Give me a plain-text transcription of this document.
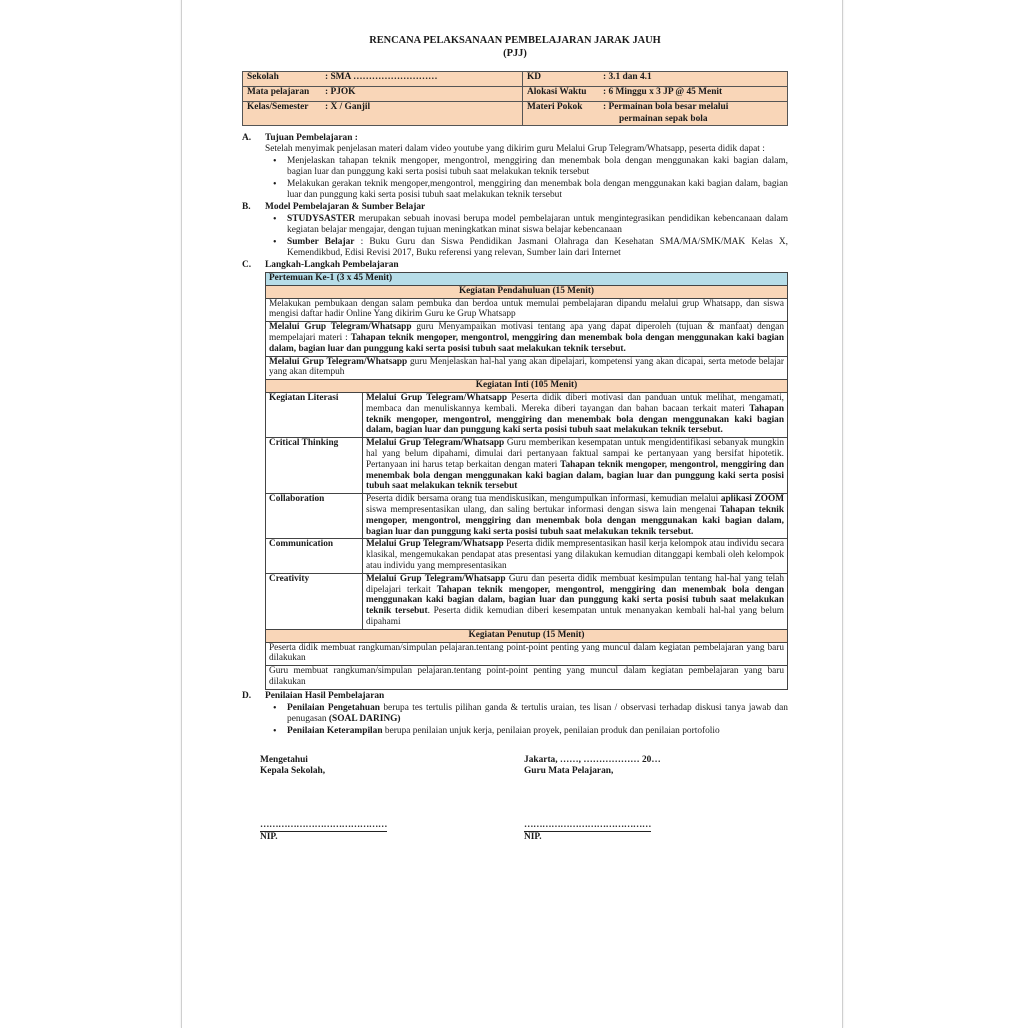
RENCANA PELAKSANAAN PEMBELAJARAN JARAK JAUH

(PJJ)

Sekolah : SMA ………………………	KD : 3.1 dan 4.1
Mata pelajaran : PJOK	Alokasi Waktu : 6 Minggu x 3 JP @ 45 Menit
Kelas/Semester : X / Ganjil	Materi Pokok : Permainan bola besar melalui
permainan sepak bola
A.	Tujuan Pembelajaran :
Setelah menyimak penjelasan materi dalam video youtube yang dikirim guru Melalui Grup Telegram/Whatsapp, peserta didik dapat :
• Menjelaskan tahapan teknik mengoper, mengontrol, menggiring dan menembak bola dengan menggunakan kaki bagian dalam, bagian luar dan punggung kaki serta posisi tubuh saat melakukan teknik tersebut
• Melakukan gerakan teknik mengoper,mengontrol, menggiring dan menembak bola dengan menggunakan kaki bagian dalam, bagian luar dan punggung kaki serta posisi tubuh saat melakukan teknik tersebut
B.	Model Pembelajaran & Sumber Belajar
• STUDYSASTER merupakan sebuah inovasi berupa model pembelajaran untuk mengintegrasikan pendidikan kebencanaan dalam kegiatan belajar mengajar, dengan tujuan meningkatkan minat siswa belajar kebencanaan
• Sumber Belajar : Buku Guru dan Siswa Pendidikan Jasmani Olahraga dan Kesehatan SMA/MA/SMK/MAK Kelas X, Kemendikbud, Edisi Revisi 2017, Buku referensi yang relevan, Sumber lain dari Internet
C.	Langkah-Langkah Pembelajaran
Pertemuan Ke-1 (3 x 45 Menit)	
Kegiatan Pendahuluan (15 Menit)	
Melakukan pembukaan dengan salam pembuka dan berdoa untuk memulai pembelajaran dipandu melalui grup Whatsapp, dan siswa mengisi daftar hadir Online Yang dikirim Guru ke Grup Whatsapp	
Melalui Grup Telegram/Whatsapp guru Menyampaikan motivasi tentang apa yang dapat diperoleh (tujuan & manfaat) dengan mempelajari materi : Tahapan teknik mengoper, mengontrol, menggiring dan menembak bola dengan menggunakan kaki bagian dalam, bagian luar dan punggung kaki serta posisi tubuh saat melakukan teknik tersebut.	
Melalui Grup Telegram/Whatsapp guru Menjelaskan hal-hal yang akan dipelajari, kompetensi yang akan dicapai, serta metode belajar yang akan ditempuh	
Kegiatan Inti (105 Menit)	
Kegiatan Literasi	Melalui Grup Telegram/Whatsapp Peserta didik diberi motivasi dan panduan untuk melihat, mengamati, membaca dan menuliskannya kembali. Mereka diberi tayangan dan bahan bacaan terkait materi Tahapan teknik mengoper, mengontrol, menggiring dan menembak bola dengan menggunakan kaki bagian dalam, bagian luar dan punggung kaki serta posisi tubuh saat melakukan teknik tersebut.
Critical Thinking	Melalui Grup Telegram/Whatsapp Guru memberikan kesempatan untuk mengidentifikasi sebanyak mungkin hal yang belum dipahami, dimulai dari pertanyaan faktual sampai ke pertanyaan yang bersifat hipotetik. Pertanyaan ini harus tetap berkaitan dengan materi Tahapan teknik mengoper, mengontrol, menggiring dan menembak bola dengan menggunakan kaki bagian dalam, bagian luar dan punggung kaki serta posisi tubuh saat melakukan teknik tersebut
Collaboration	Peserta didik bersama orang tua mendiskusikan, mengumpulkan informasi, kemudian melalui aplikasi ZOOM siswa mempresentasikan ulang, dan saling bertukar informasi dengan siswa lain mengenai Tahapan teknik mengoper, mengontrol, menggiring dan menembak bola dengan menggunakan kaki bagian dalam, bagian luar dan punggung kaki serta posisi tubuh saat melakukan teknik tersebut.
Communication	Melalui Grup Telegram/Whatsapp Peserta didik mempresentasikan hasil kerja kelompok atau individu secara klasikal, mengemukakan pendapat atas presentasi yang dilakukan kemudian ditanggapi kembali oleh kelompok atau individu yang mempresentasikan
Creativity	Melalui Grup Telegram/Whatsapp Guru dan peserta didik membuat kesimpulan tentang hal-hal yang telah dipelajari terkait Tahapan teknik mengoper, mengontrol, menggiring dan menembak bola dengan menggunakan kaki bagian dalam, bagian luar dan punggung kaki serta posisi tubuh saat melakukan teknik tersebut. Peserta didik kemudian diberi kesempatan untuk menanyakan kembali hal-hal yang belum dipahami
Kegiatan Penutup (15 Menit)	
Peserta didik membuat rangkuman/simpulan pelajaran.tentang point-point penting yang muncul dalam kegiatan pembelajaran yang baru dilakukan	
Guru membuat rangkuman/simpulan pelajaran.tentang point-point penting yang muncul dalam kegiatan pembelajaran yang baru dilakukan	
D.	Penilaian Hasil Pembelajaran
• Penilaian Pengetahuan berupa tes tertulis pilihan ganda & tertulis uraian, tes lisan / observasi terhadap diskusi tanya jawab dan penugasan (SOAL DARING)
• Penilaian Keterampilan berupa penilaian unjuk kerja, penilaian proyek, penilaian produk dan penilaian portofolio
Mengetahui
Kepala Sekolah,
……………………………………
NIP.
Jakarta, ……, ……………… 20…
Guru Mata Pelajaran,
……………………………………
NIP.
